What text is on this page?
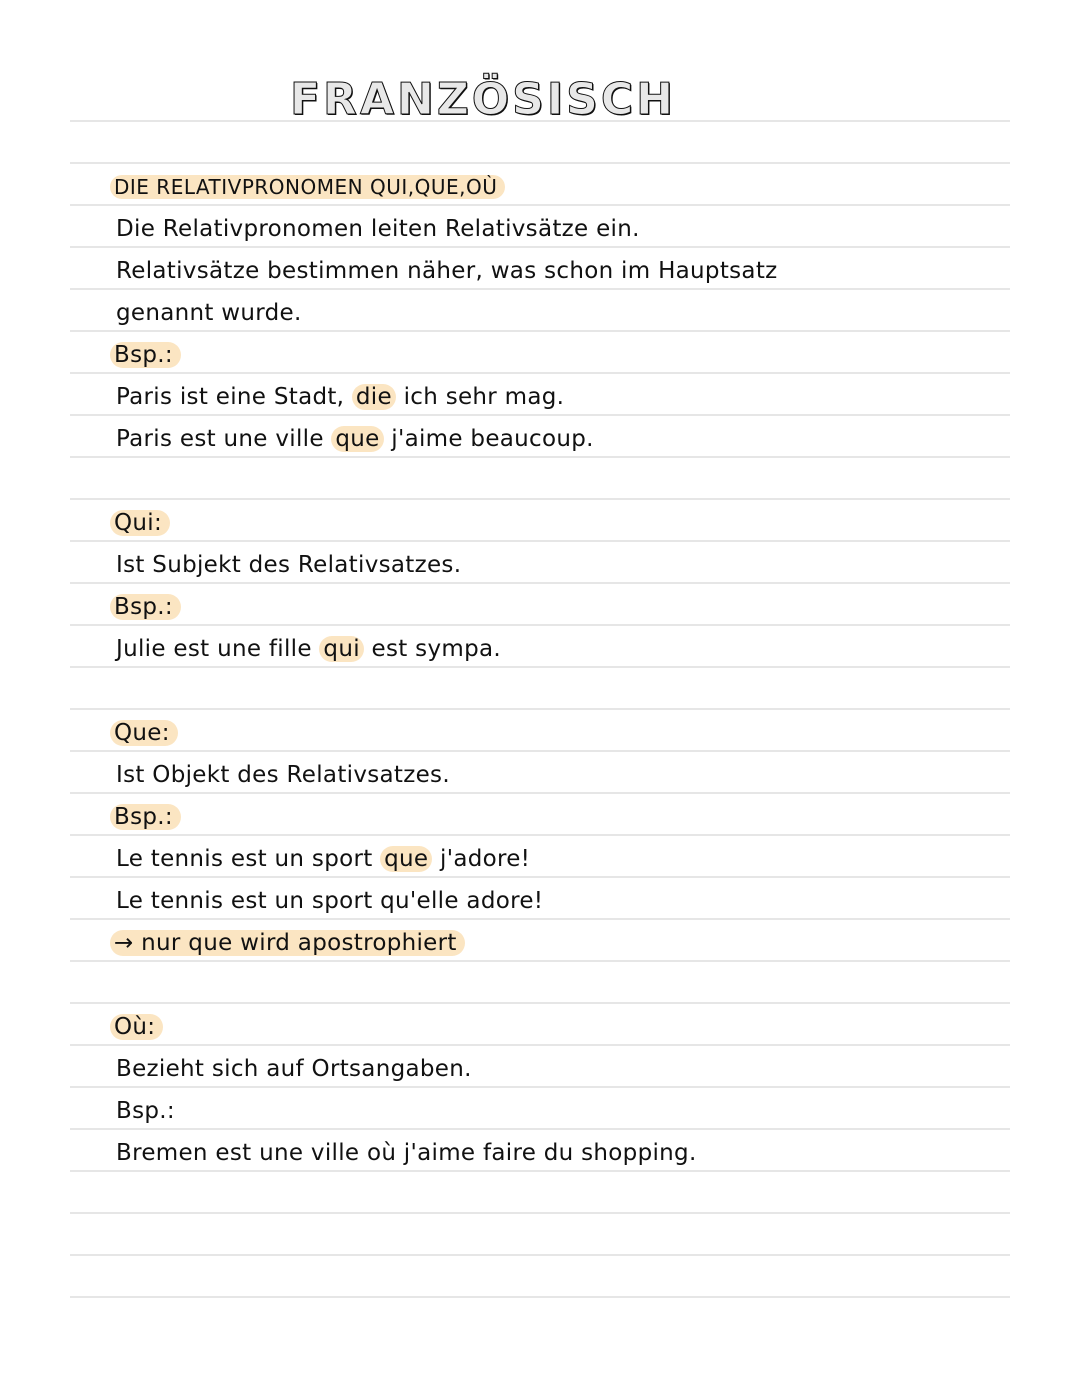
FRANZÖSISCH
DIE RELATIVPRONOMEN QUI,QUE,OÙ
Die Relativpronomen leiten Relativsätze ein.
Relativsätze bestimmen näher, was schon im Hauptsatz
genannt wurde.
Bsp.:
Paris ist eine Stadt, die ich sehr mag.
Paris est une ville que j'aime beaucoup.
Qui:
Ist Subjekt des Relativsatzes.
Bsp.:
Julie est une fille qui est sympa.
Que:
Ist Objekt des Relativsatzes.
Bsp.:
Le tennis est un sport que j'adore!
Le tennis est un sport qu'elle adore!
→ nur que wird apostrophiert
Où:
Bezieht sich auf Ortsangaben.
Bsp.:
Bremen est une ville où j'aime faire du shopping.
